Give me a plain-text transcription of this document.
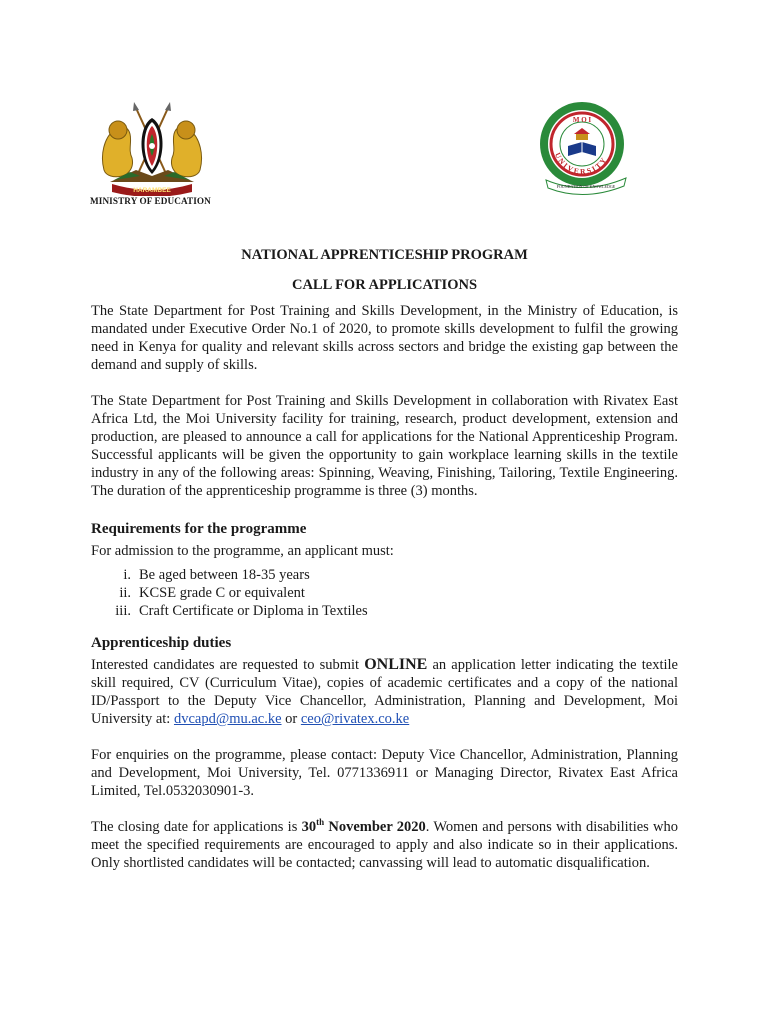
HARAMBEE
MINISTRY OF EDUCATION
M O I
UNIVERSITY
FOUNDATION OF KNOWLEDGE
NATIONAL APPRENTICESHIP PROGRAM
CALL FOR APPLICATIONS

The State Department for Post Training and Skills Development, in the Ministry of Education, is mandated under Executive Order No.1 of 2020, to promote skills development to fulfil the growing need in Kenya for quality and relevant skills across sectors and bridge the existing gap between the demand and supply of skills.

The State Department for Post Training and Skills Development in collaboration with Rivatex East Africa Ltd, the Moi University facility for training, research, product development, extension and production, are pleased to announce a call for applications for the National Apprenticeship Program. Successful applicants will be given the opportunity to gain workplace learning skills in the textile industry in any of the following areas: Spinning, Weaving, Finishing, Tailoring, Textile Engineering. The duration of the apprenticeship programme is three (3) months.

Requirements for the programme

For admission to the programme, an applicant must:

i. Be aged between 18-35 years
ii. KCSE grade C or equivalent
iii. Craft Certificate or Diploma in Textiles
Apprenticeship duties

Interested candidates are requested to submit ONLINE an application letter indicating the textile skill required, CV (Curriculum Vitae), copies of academic certificates and a copy of the national ID/Passport to the Deputy Vice Chancellor, Administration, Planning and Development, Moi University at: dvcapd@mu.ac.ke or ceo@rivatex.co.ke

For enquiries on the programme, please contact: Deputy Vice Chancellor, Administration, Planning and Development, Moi University, Tel. 0771336911 or Managing Director, Rivatex East Africa Limited, Tel.0532030901-3.

The closing date for applications is 30th November 2020. Women and persons with disabilities who meet the specified requirements are encouraged to apply and also indicate so in their applications. Only shortlisted candidates will be contacted; canvassing will lead to automatic disqualification.
